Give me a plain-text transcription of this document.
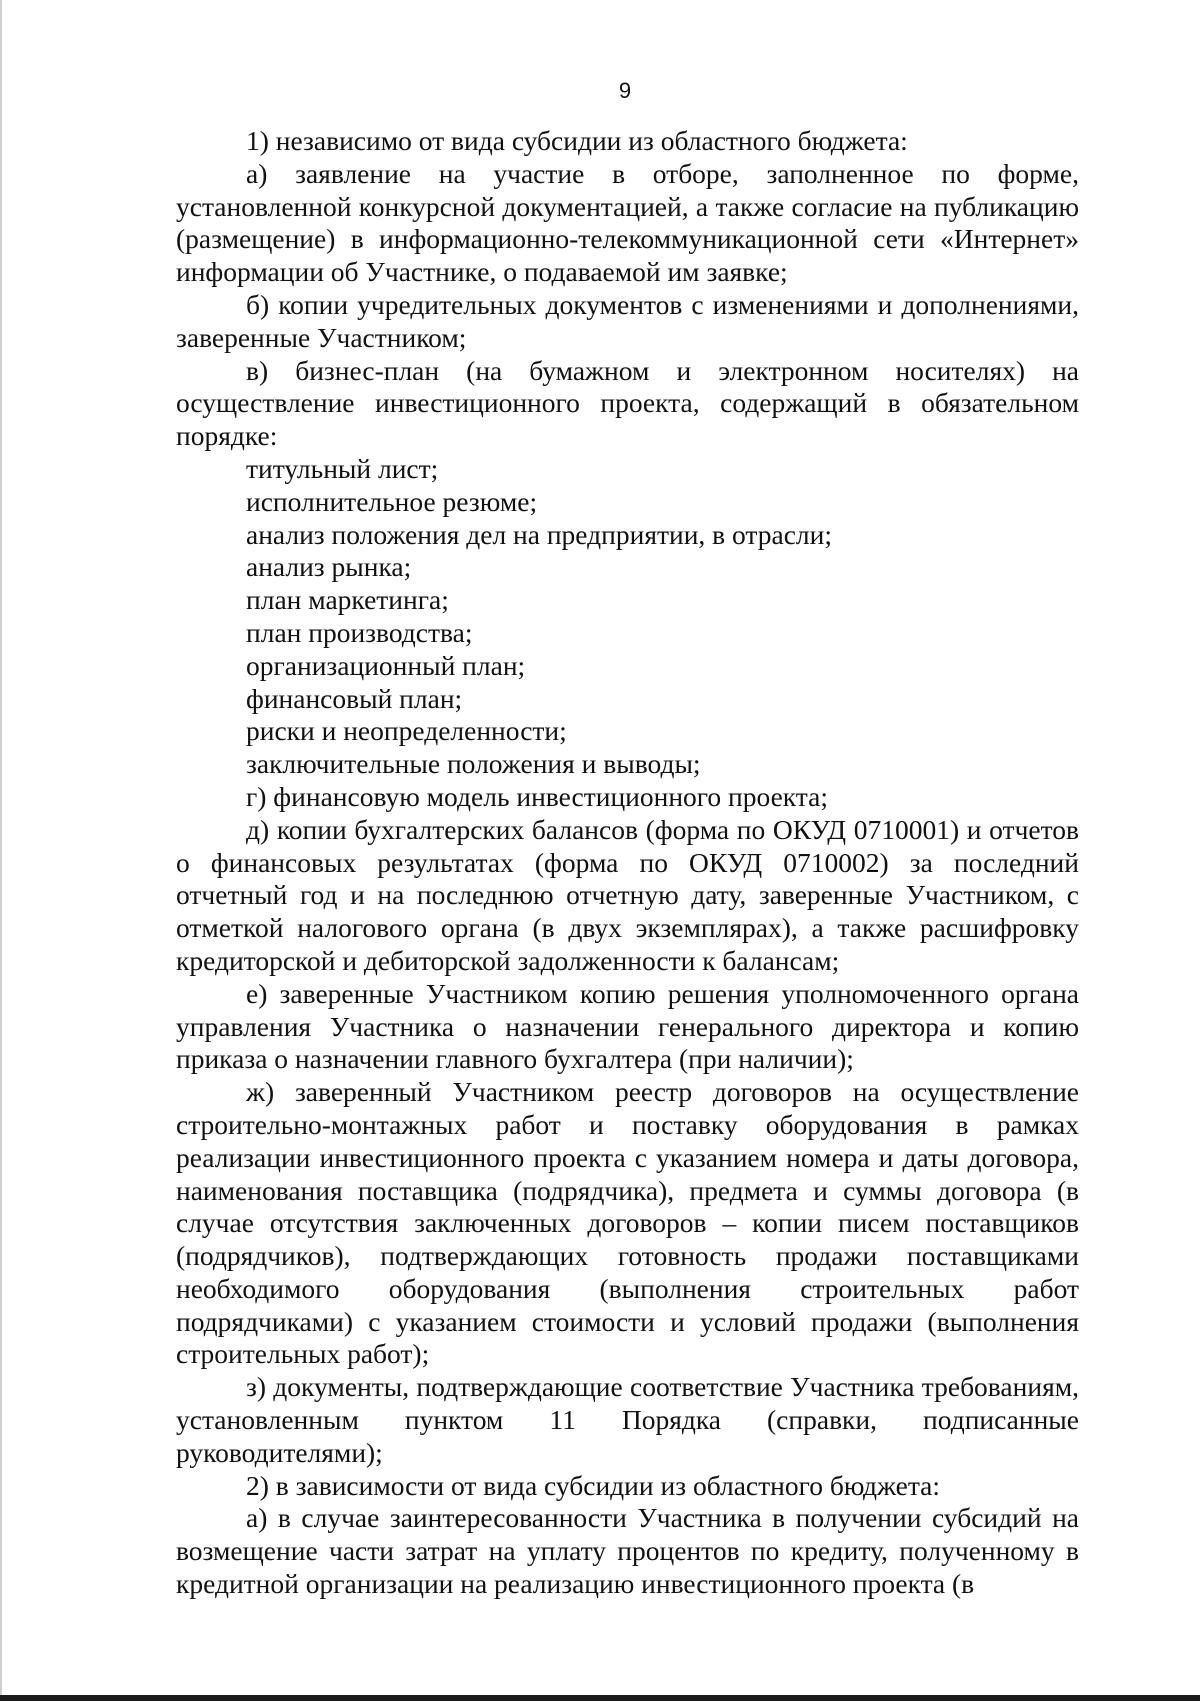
9

1) независимо от вида субсидии из областного бюджета:

а) заявление на участие в отборе, заполненное по форме, установленной конкурсной документацией, а также согласие на публикацию (размещение) в информационно-телекоммуникационной сети «Интернет» информации об Участнике, о подаваемой им заявке;

б) копии учредительных документов с изменениями и дополнениями, заверенные Участником;

в) бизнес-план (на бумажном и электронном носителях) на осуществление инвестиционного проекта, содержащий в обязательном порядке:

титульный лист;

исполнительное резюме;

анализ положения дел на предприятии, в отрасли;

анализ рынка;

план маркетинга;

план производства;

организационный план;

финансовый план;

риски и неопределенности;

заключительные положения и выводы;

г) финансовую модель инвестиционного проекта;

д) копии бухгалтерских балансов (форма по ОКУД 0710001) и отчетов о финансовых результатах (форма по ОКУД 0710002) за последний отчетный год и на последнюю отчетную дату, заверенные Участником, с отметкой налогового органа (в двух экземплярах), а также расшифровку кредиторской и дебиторской задолженности к балансам;

е) заверенные Участником копию решения уполномоченного органа управления Участника о назначении генерального директора и копию приказа о назначении главного бухгалтера (при наличии);

ж) заверенный Участником реестр договоров на осуществление строительно-монтажных работ и поставку оборудования в рамках реализации инвестиционного проекта с указанием номера и даты договора, наименования поставщика (подрядчика), предмета и суммы договора (в случае отсутствия заключенных договоров – копии писем поставщиков (подрядчиков), подтверждающих готовность продажи поставщиками необходимого оборудования (выполнения строительных работ подрядчиками) с указанием стоимости и условий продажи (выполнения строительных работ);

з) документы, подтверждающие соответствие Участника требованиям, установленным пунктом 11 Порядка (справки, подписанные руководителями);

2) в зависимости от вида субсидии из областного бюджета:

а) в случае заинтересованности Участника в получении субсидий на возмещение части затрат на уплату процентов по кредиту, полученному в кредитной организации на реализацию инвестиционного проекта (в
